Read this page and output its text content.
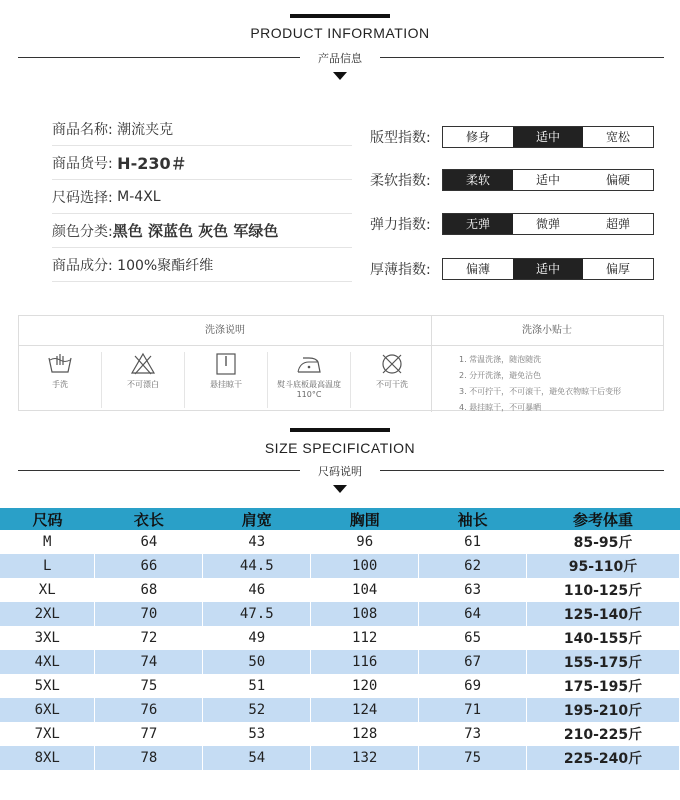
PRODUCT INFORMATION
产品信息
商品名称:
潮流夹克
商品货号:
H-230＃
尺码选择:
M-4XL
颜色分类: 黑色 深蓝色 灰色 军绿色
商品成分:
100%聚酯纤维
版型指数:	修身	适中	宽松
柔软指数:	柔软	适中	偏硬
弹力指数:	无弹	微弹	超弹
厚薄指数:	偏薄	适中	偏厚
洗涤说明	洗涤小贴士
手洗	不可漂白	悬挂晾干	熨斗底板最高温度110°C
不可干洗
1. 常温洗涤，随泡随洗
2. 分开洗涤，避免沾色
3. 不可拧干，不可滚干，避免衣物晾干后变形
4. 悬挂晾干，不可暴晒
SIZE SPECIFICATION
尺码说明
尺码	衣长	肩宽	胸围	袖长	参考体重
M	64	43	96	61	85-95斤
L	66	44.5	100	62	95-110斤
XL	68	46	104	63	110-125斤
2XL	70	47.5	108	64	125-140斤
3XL	72	49	112	65	140-155斤
4XL	74	50	116	67	155-175斤
5XL	75	51	120	69	175-195斤
6XL	76	52	124	71	195-210斤
7XL	77	53	128	73	210-225斤
8XL	78	54	132	75	225-240斤
